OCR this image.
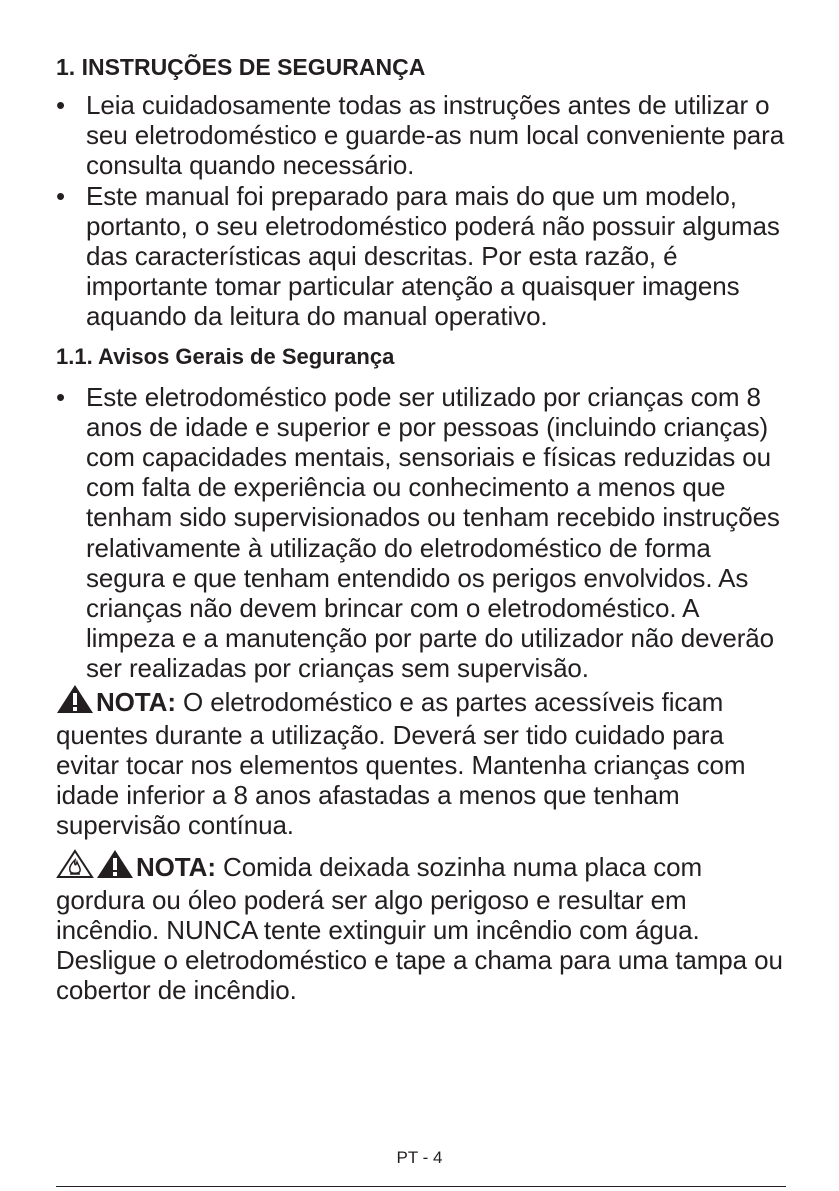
1. INSTRUÇÕES DE SEGURANÇA
• Leia cuidadosamente todas as instruções antes de utilizar o seu eletrodoméstico e guarde-as num local conveniente para consulta quando necessário.
• Este manual foi preparado para mais do que um modelo, portanto, o seu eletrodoméstico poderá não possuir algumas das características aqui descritas. Por esta razão, é importante tomar particular atenção a quaisquer imagens aquando da leitura do manual operativo.
1.1. Avisos Gerais de Segurança
• Este eletrodoméstico pode ser utilizado por crianças com 8 anos de idade e superior e por pessoas (incluindo crianças) com capacidades mentais, sensoriais e físicas reduzidas ou com falta de experiência ou conhecimento a menos que tenham sido supervisionados ou tenham recebido instruções relativamente à utilização do eletrodoméstico de forma segura e que tenham entendido os perigos envolvidos. As crianças não devem brincar com o eletrodoméstico. A limpeza e a manutenção por parte do utilizador não deverão ser realizadas por crianças sem supervisão.

NOTA: O eletrodoméstico e as partes acessíveis ficam quentes durante a utilização. Deverá ser tido cuidado para evitar tocar nos elementos quentes. Mantenha crianças com idade inferior a 8 anos afastadas a menos que tenham supervisão contínua.

NOTA: Comida deixada sozinha numa placa com gordura ou óleo poderá ser algo perigoso e resultar em incêndio. NUNCA tente extinguir um incêndio com água. Desligue o eletrodoméstico e tape a chama para uma tampa ou cobertor de incêndio.

PT - 4
